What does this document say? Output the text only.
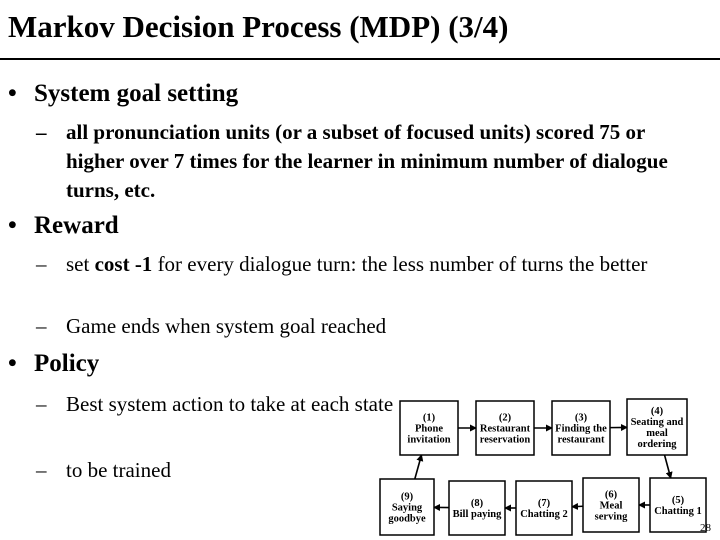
Markov Decision Process (MDP) (3/4)
• System goal setting
– all pronunciation units (or a subset of focused units) scored 75 or higher over 7 times for the learner in minimum number of dialogue turns, etc.
• Reward
– set cost -1 for every dialogue turn: the less number of turns the better
– Game ends when system goal reached
• Policy
– Best system action to take at each state
– to be trained
(1)
Phone
invitation
(2)
Restaurant
reservation
(3)
Finding the
restaurant
(4)
Seating and
meal
ordering
(5)
Chatting 1
(6)
Meal
serving
(7)
Chatting 2
(8)
Bill paying
(9)
Saying
goodbye
28
